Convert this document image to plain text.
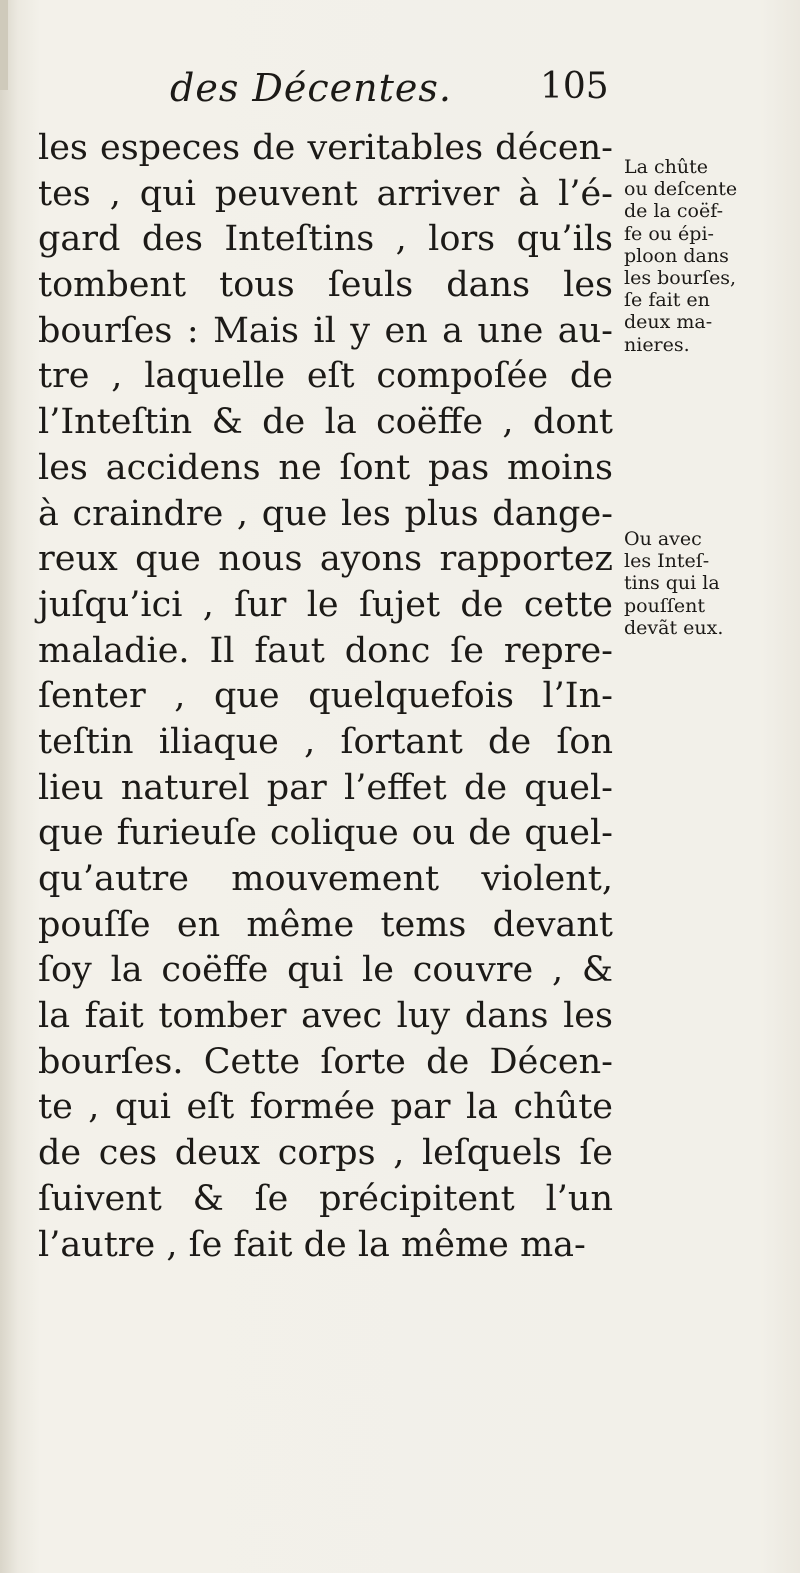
des Décentes. 105
les especes de veritables décen-
tes , qui peuvent arriver à l’é-
gard des Inteſtins , lors qu’ils
tombent tous ſeuls dans les
bourſes : Mais il y en a une au-
tre , laquelle eſt compoſée de
l’Inteſtin & de la coëffe , dont
les accidens ne ſont pas moins
à craindre , que les plus dange-
reux que nous ayons rapportez
juſqu’ici , ſur le ſujet de cette
maladie. Il faut donc ſe repre-
ſenter , que quelquefois l’In-
teſtin iliaque , ſortant de ſon
lieu naturel par l’effet de quel-
que furieuſe colique ou de quel-
qu’autre mouvement violent,
pouſſe en même tems devant
ſoy la coëffe qui le couvre , &
la fait tomber avec luy dans les
bourſes. Cette ſorte de Décen-
te , qui eſt formée par la chûte
de ces deux corps , leſquels ſe
ſuivent & ſe précipitent l’un
l’autre , ſe fait de la même ma-
La chûte
ou deſcente
de la coëf-
fe ou épi-
ploon dans
les bourſes,
ſe fait en
deux ma-
nieres.
Ou avec
les Inteſ-
tins qui la
pouſſent
devãt eux.
